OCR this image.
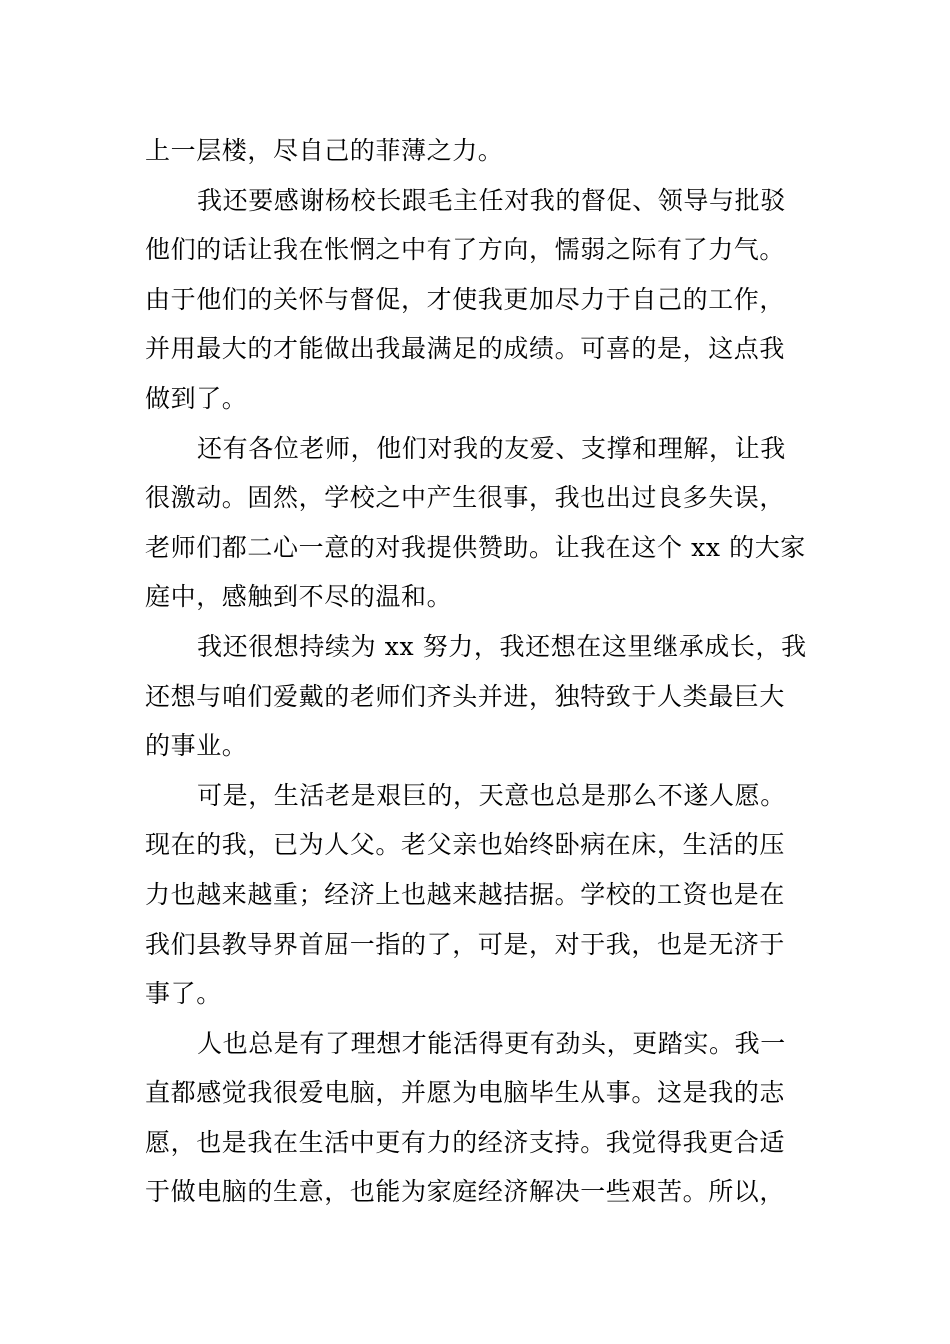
上一层楼，尽自己的菲薄之力。
我还要感谢杨校长跟毛主任对我的督促、领导与批驳
他们的话让我在怅惘之中有了方向，懦弱之际有了力气。
由于他们的关怀与督促，才使我更加尽力于自己的工作，
并用最大的才能做出我最满足的成绩。可喜的是，这点我
做到了。
还有各位老师，他们对我的友爱、支撑和理解，让我
很激动。固然，学校之中产生很事，我也出过良多失误，
老师们都二心一意的对我提供赞助。让我在这个 xx 的大家
庭中，感触到不尽的温和。
我还很想持续为 xx 努力，我还想在这里继承成长，我
还想与咱们爱戴的老师们齐头并进，独特致于人类最巨大
的事业。
可是，生活老是艰巨的，天意也总是那么不遂人愿。
现在的我，已为人父。老父亲也始终卧病在床，生活的压
力也越来越重；经济上也越来越拮据。学校的工资也是在
我们县教导界首屈一指的了，可是，对于我，也是无济于
事了。
人也总是有了理想才能活得更有劲头，更踏实。我一
直都感觉我很爱电脑，并愿为电脑毕生从事。这是我的志
愿，也是我在生活中更有力的经济支持。我觉得我更合适
于做电脑的生意，也能为家庭经济解决一些艰苦。所以，
